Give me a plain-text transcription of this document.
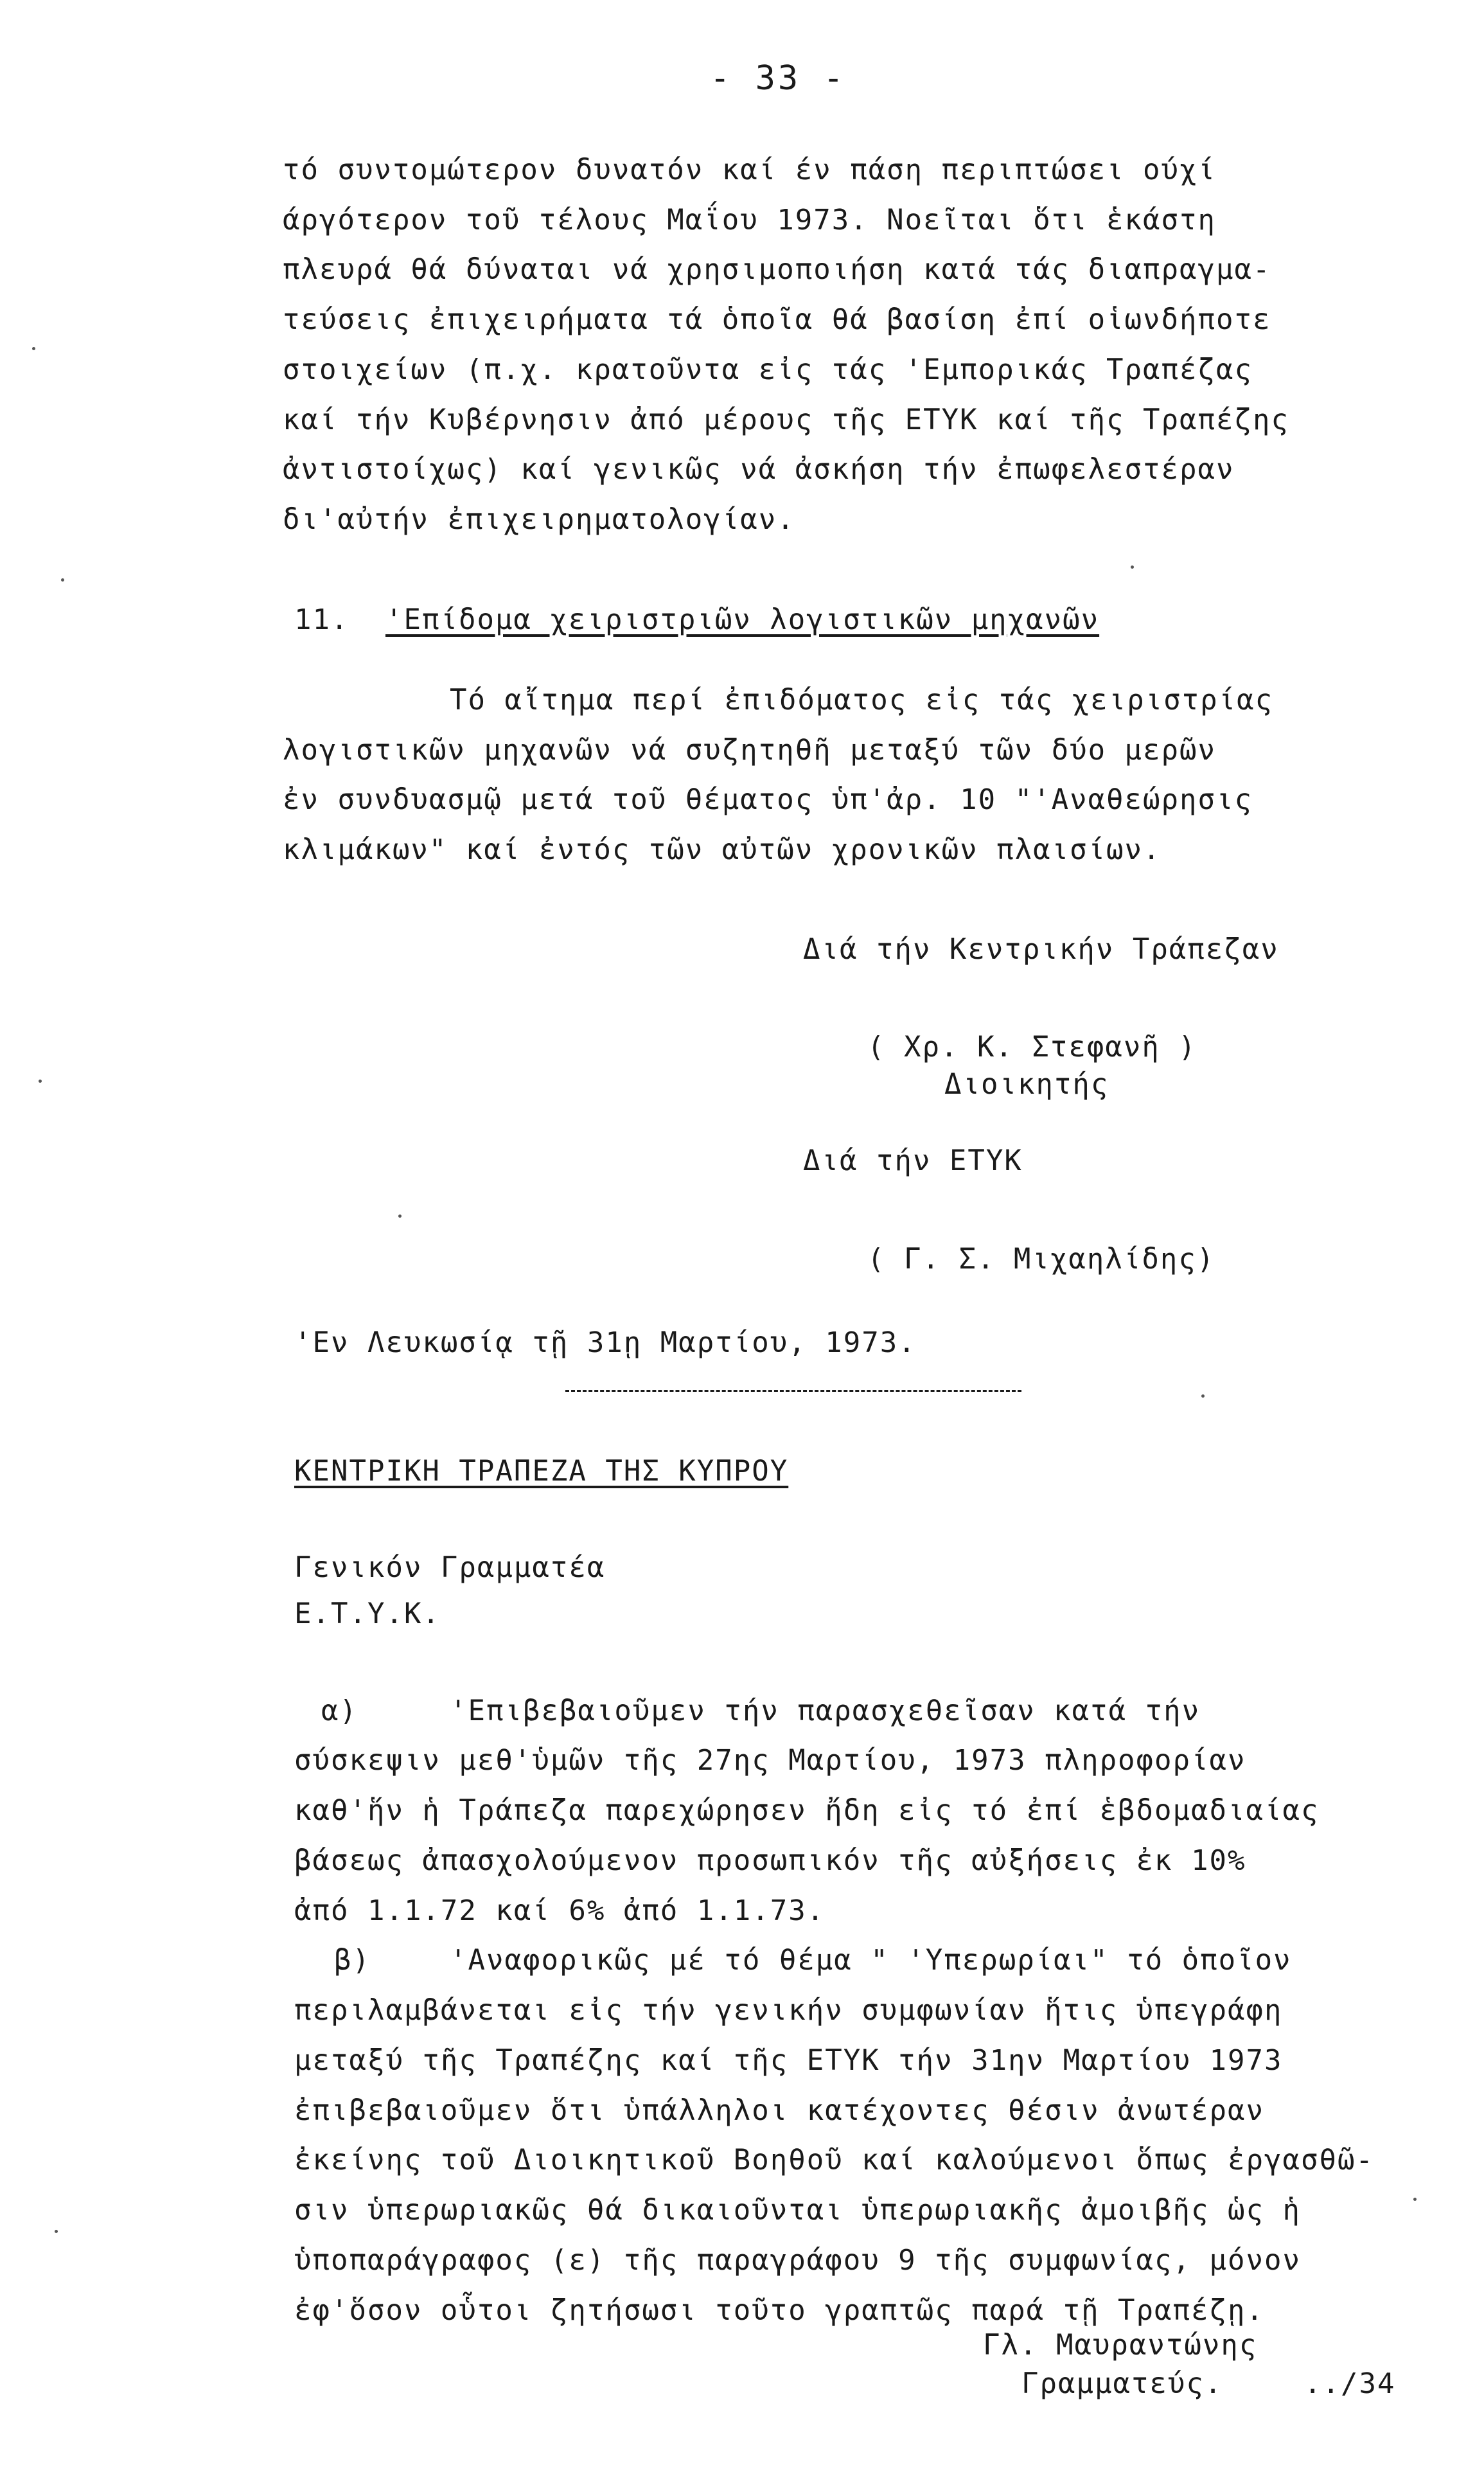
- 33 -
τό συντομώτερον δυνατόν καί έν πάση περιπτώσει ούχί
άργότερον τοῦ τέλους Μαΐου 1973. Νοεῖται ὅτι ἑκάστη
πλευρά θά δύναται νά χρησιμοποιήση κατά τάς διαπραγμα-
τεύσεις ἐπιχειρήματα τά ὁποῖα θά βασίση ἐπί οἱωνδήποτε
στοιχείων (π.χ. κρατοῦντα εἰς τάς 'Εμπορικάς Τραπέζας
καί τήν Κυβέρνησιν ἀπό μέρους τῆς ΕΤΥΚ καί τῆς Τραπέζης
ἀντιστοίχως) καί γενικῶς νά ἀσκήση τήν ἐπωφελεστέραν
δι'αὐτήν ἐπιχειρηματολογίαν.
11. 'Επίδομα χειριστριῶν λογιστικῶν μηχανῶν
Τό αἴτημα περί ἐπιδόματος εἰς τάς χειριστρίας
λογιστικῶν μηχανῶν νά συζητηθῆ μεταξύ τῶν δύο μερῶν
ἐν συνδυασμῷ μετά τοῦ θέματος ὑπ'ἀρ. 10 "'Αναθεώρησις
κλιμάκων" καί ἐντός τῶν αὐτῶν χρονικῶν πλαισίων.
Διά τήν Κεντρικήν Τράπεζαν
( Χρ. Κ. Στεφανῆ )
Διοικητής
Διά τήν ΕΤΥΚ
( Γ. Σ. Μιχαηλίδης)
'Εν Λευκωσίᾳ τῇ 31ῃ Μαρτίου, 1973.
ΚΕΝΤΡΙΚΗ ΤΡΑΠΕΖΑ ΤΗΣ ΚΥΠΡΟΥ
Γενικόν Γραμματέα
Ε.Τ.Υ.Κ.
α)	'Επιβεβαιοῦμεν τήν παρασχεθεῖσαν κατά τήν
σύσκεψιν μεθ'ὑμῶν τῆς 27ης Μαρτίου, 1973 πληροφορίαν
καθ'ἥν ἡ Τράπεζα παρεχώρησεν ἤδη εἰς τό ἐπί ἑβδομαδιαίας
βάσεως ἀπασχολούμενον προσωπικόν τῆς αὐξήσεις ἐκ 10%
ἀπό 1.1.72 καί 6% ἀπό 1.1.73.
β)	'Αναφορικῶς μέ τό θέμα " 'Υπερωρίαι" τό ὁποῖον
περιλαμβάνεται εἰς τήν γενικήν συμφωνίαν ἥτις ὑπεγράφη
μεταξύ τῆς Τραπέζης καί τῆς ΕΤΥΚ τήν 31ην Μαρτίου 1973
ἐπιβεβαιοῦμεν ὅτι ὑπάλληλοι κατέχοντες θέσιν ἀνωτέραν
ἐκείνης τοῦ Διοικητικοῦ Βοηθοῦ καί καλούμενοι ὅπως ἐργασθῶ-
σιν ὑπερωριακῶς θά δικαιοῦνται ὑπερωριακῆς ἀμοιβῆς ὡς ἡ
ὑποπαράγραφος (ε) τῆς παραγράφου 9 τῆς συμφωνίας, μόνον
ἐφ'ὅσον οὗτοι ζητήσωσι τοῦτο γραπτῶς παρά τῇ Τραπέζῃ.
Γλ. Μαυραντώνης
Γραμματεύς.	../34
